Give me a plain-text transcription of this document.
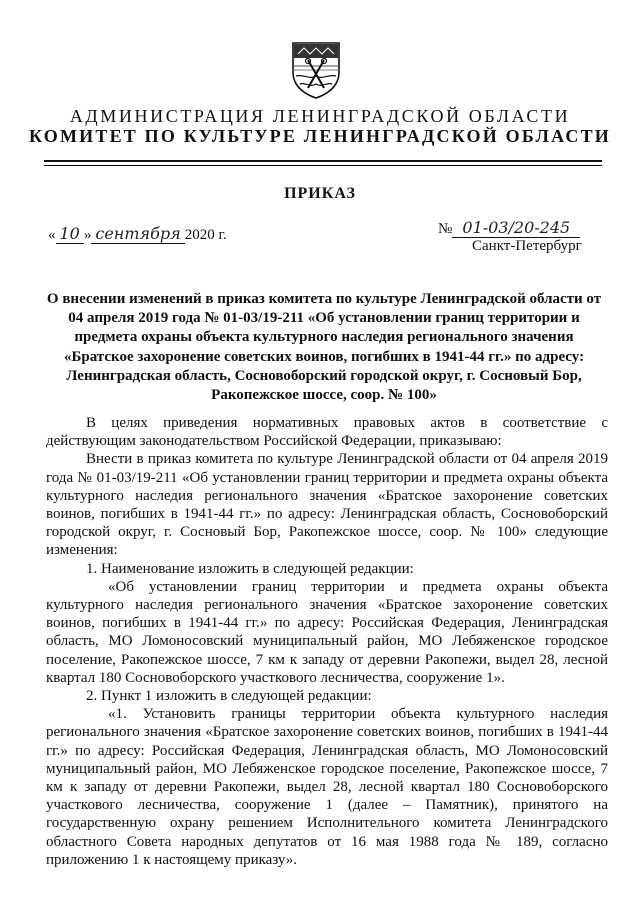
АДМИНИСТРАЦИЯ ЛЕНИНГРАДСКОЙ ОБЛАСТИ
КОМИТЕТ ПО КУЛЬТУРЕ ЛЕНИНГРАДСКОЙ ОБЛАСТИ
ПРИКАЗ
« 10 » сентября 2020 г.	№ 01-03/20-245
Санкт-Петербург
О внесении изменений в приказ комитета по культуре Ленинградской области от 04 апреля 2019 года № 01-03/19-211 «Об установлении границ территории и предмета охраны объекта культурного наследия регионального значения «Братское захоронение советских воинов, погибших в 1941-44 гг.» по адресу: Ленинградская область, Сосновоборский городской округ, г. Сосновый Бор, Ракопежское шоссе, соор. № 100»

В целях приведения нормативных правовых актов в соответствие с действующим законодательством Российской Федерации, приказываю:

Внести в приказ комитета по культуре Ленинградской области от 04 апреля 2019 года № 01-03/19-211 «Об установлении границ территории и предмета охраны объекта культурного наследия регионального значения «Братское захоронение советских воинов, погибших в 1941-44 гг.» по адресу: Ленинградская область, Сосновоборский городской округ, г. Сосновый Бор, Ракопежское шоссе, соор. № 100» следующие изменения:

1. Наименование изложить в следующей редакции:

«Об установлении границ территории и предмета охраны объекта культурного наследия регионального значения «Братское захоронение советских воинов, погибших в 1941-44 гг.» по адресу: Российская Федерация, Ленинградская область, МО Ломоносовский муниципальный район, МО Лебяженское городское поселение, Ракопежское шоссе, 7 км к западу от деревни Ракопежи, выдел 28, лесной квартал 180 Сосновоборского участкового лесничества, сооружение 1».

2. Пункт 1 изложить в следующей редакции:

«1. Установить границы территории объекта культурного наследия регионального значения «Братское захоронение советских воинов, погибших в 1941-44 гг.» по адресу: Российская Федерация, Ленинградская область, МО Ломоносовский муниципальный район, МО Лебяженское городское поселение, Ракопежское шоссе, 7 км к западу от деревни Ракопежи, выдел 28, лесной квартал 180 Сосновоборского участкового лесничества, сооружение 1 (далее – Памятник), принятого на государственную охрану решением Исполнительного комитета Ленинградского областного Совета народных депутатов от 16 мая 1988 года № 189, согласно приложению 1 к настоящему приказу».
